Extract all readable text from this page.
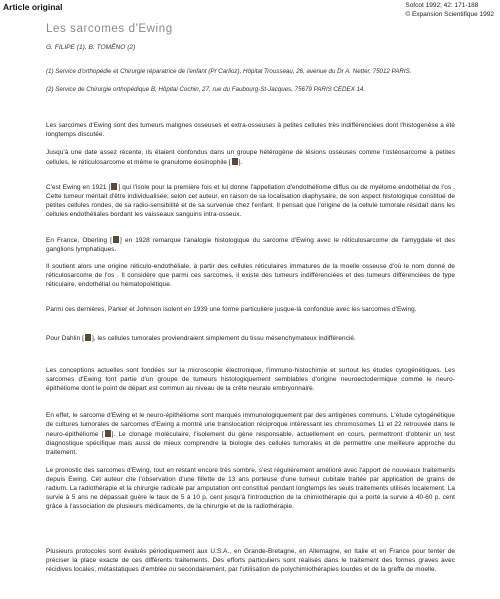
Article original	Sofcot 1992; 42: 171-188
© Expansion Scientifique 1992
Les sarcomes d'Ewing
G. FILIPE (1), B. TOMÉNO (2)
(1) Service d'orthopédie et Chirurgie réparatrice de l'enfant (Pr Carlioz), Hôpital Trousseau, 26, avenue du Dr A. Netter, 75012 PARIS.
(2) Service de Chirurgie orthopédique B, Hôpital Cochin, 27, rue du Faubourg-St-Jacques, 75679 PARIS CEDEX 14.
Les sarcomes d'Ewing sont des tumeurs malignes osseuses et extra-osseuses à petites cellules très indifférenciées dont l'histogenèse a été longtemps discutée.
Jusqu'à une date assez récente, ils étaient confondus dans un groupe hétérogène de lésions osseuses comme l'ostéosarcome à petites cellules, le réticulosarcome et même le granulome éosinophile [ ].
C'est Ewing en 1921 [ ] qui l'isole pour la première fois et lui donne l'appellation d'endothéliome diffus ou de myélome endothélial de l'os . Cette tumeur méritait d'être individualisée, selon cet auteur, en raison de sa localisation diaphysaire, de son aspect histologique constitué de petites cellules rondes, de sa radio-sensibilité et de sa survenue chez l'enfant. Il pensait que l'origine de la cellule tumorale résidait dans les cellules endothéliales bordant les vaisseaux sanguins intra-osseux.
En France, Oberling [ ] en 1928 remarque l'analogie histologique du sarcome d'Ewing avec le réticulosarcome de l'amygdale et des ganglions lymphatiques.
Il soutient alors une origine réticulo-endothéliale, à partir des cellules réticulaires immatures de la moelle osseuse d'où le nom donné de réticulosarcome de l'os . Il considère que parmi ces sarcomes, il existe des tumeurs indifférenciées et des tumeurs différenciées de type réticulaire, endothélial ou hématopoïétique.
Parmi ces dernières, Parker et Johnson isolent en 1939 une forme particulière jusque-là confondue avec les sarcomes d'Ewing.
Pour Dahlin [ ], les cellules tumorales proviendraient simplement du tissu mésenchymateux indifférencié.
Les conceptions actuelles sont fondées sur la microscopie électronique, l'immuno-histochimie et surtout les études cytogénétiques. Les sarcomes d'Ewing font partie d'un groupe de tumeurs histologiquement semblables d'origine neuroectodermique comme le neuro-épithéliome dont le point de départ est commun au niveau de la crête neurale embryonnaire.
En effet, le sarcome d'Ewing et le neuro-épithéliome sont marqués immunologiquement par des antigènes communs. L'étude cytogénétique de cultures tumorales de sarcomes d'Ewing a montré une translocation réciproque intéressant les chromosomes 11 et 22 retrouvée dans le neuro-épithéliome [ ]. Le clonage moléculaire, l'isolement du gène responsable, actuellement en cours, permettront d'obtenir un test diagnostique spécifique mais aussi de mieux comprendre la biologie des cellules tumorales et de permettre une meilleure approche du traitement.
Le pronostic des sarcomes d'Ewing, tout en restant encore très sombre, s'est régulièrement amélioré avec l'apport de nouveaux traitements depuis Ewing. Cet auteur cite l'observation d'une fillette de 13 ans porteuse d'une tumeur cubitale traitée par application de grains de radium. La radiothérapie et la chirurgie radicale par amputation ont constitué pendant longtemps les seuls traitements utilisés localement. La survie à 5 ans ne dépassait guère le taux de 5 à 10 p. cent jusqu'à l'introduction de la chimiothérapie qui a porté la survie à 40-60 p. cent grâce à l'association de plusieurs médicaments, de la chirurgie et de la radiothérapie.
Plusieurs protocoles sont évalués périodiquement aux U.S.A., en Grande-Bretagne, en Allemagne, en Italie et en France pour tenter de préciser la place exacte de ces différents traitements. Des efforts particuliers sont réalisés dans le traitement des formes graves avec récidives locales, métastatiques d'emblée ou secondairement, par l'utilisation de polychimiothérapies lourdes et de la greffe de moelle.
